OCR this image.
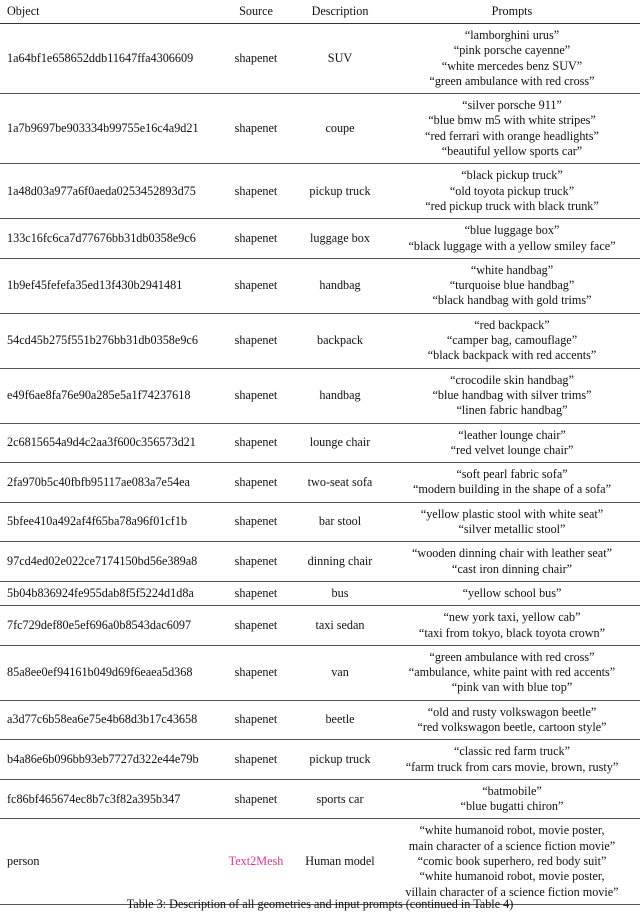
Object	Source	Description	Prompts
1a64bf1e658652ddb11647ffa4306609	shapenet	SUV	“lamborghini urus”
“pink porsche cayenne”
“white mercedes benz SUV”
“green ambulance with red cross”

1a7b9697be903334b99755e16c4a9d21	shapenet	coupe	“silver porsche 911”
“blue bmw m5 with white stripes”
“red ferrari with orange headlights”
“beautiful yellow sports car”

1a48d03a977a6f0aeda0253452893d75	shapenet	pickup truck	“black pickup truck”
“old toyota pickup truck”
“red pickup truck with black trunk”

133c16fc6ca7d77676bb31db0358e9c6	shapenet	luggage box	“blue luggage box”
“black luggage with a yellow smiley face”

1b9ef45fefefa35ed13f430b2941481	shapenet	handbag	“white handbag”
“turquoise blue handbag”
“black handbag with gold trims”

54cd45b275f551b276bb31db0358e9c6	shapenet	backpack	“red backpack”
“camper bag, camouflage”
“black backpack with red accents”

e49f6ae8fa76e90a285e5a1f74237618	shapenet	handbag	“crocodile skin handbag”
“blue handbag with silver trims”
“linen fabric handbag”

2c6815654a9d4c2aa3f600c356573d21	shapenet	lounge chair	“leather lounge chair”
“red velvet lounge chair”

2fa970b5c40fbfb95117ae083a7e54ea	shapenet	two-seat sofa	“soft pearl fabric sofa”
“modern building in the shape of a sofa”

5bfee410a492af4f65ba78a96f01cf1b	shapenet	bar stool	“yellow plastic stool with white seat”
“silver metallic stool”

97cd4ed02e022ce7174150bd56e389a8	shapenet	dinning chair	“wooden dinning chair with leather seat”
“cast iron dinning chair”

5b04b836924fe955dab8f5f5224d1d8a	shapenet	bus	“yellow school bus”

7fc729def80e5ef696a0b8543dac6097	shapenet	taxi sedan	“new york taxi, yellow cab”
“taxi from tokyo, black toyota crown”

85a8ee0ef94161b049d69f6eaea5d368	shapenet	van	“green ambulance with red cross”
“ambulance, white paint with red accents”
“pink van with blue top”

a3d77c6b58ea6e75e4b68d3b17c43658	shapenet	beetle	“old and rusty volkswagon beetle”
“red volkswagon beetle, cartoon style”

b4a86e6b096bb93eb7727d322e44e79b	shapenet	pickup truck	“classic red farm truck”
“farm truck from cars movie, brown, rusty”

fc86bf465674ec8b7c3f82a395b347	shapenet	sports car	“batmobile”
“blue bugatti chiron”

person	Text2Mesh	Human model	“white humanoid robot, movie poster,
main character of a science fiction movie”
“comic book superhero, red body suit”
“white humanoid robot, movie poster,
villain character of a science fiction movie”
Table 3: Description of all geometries and input prompts (continued in Table 4)
